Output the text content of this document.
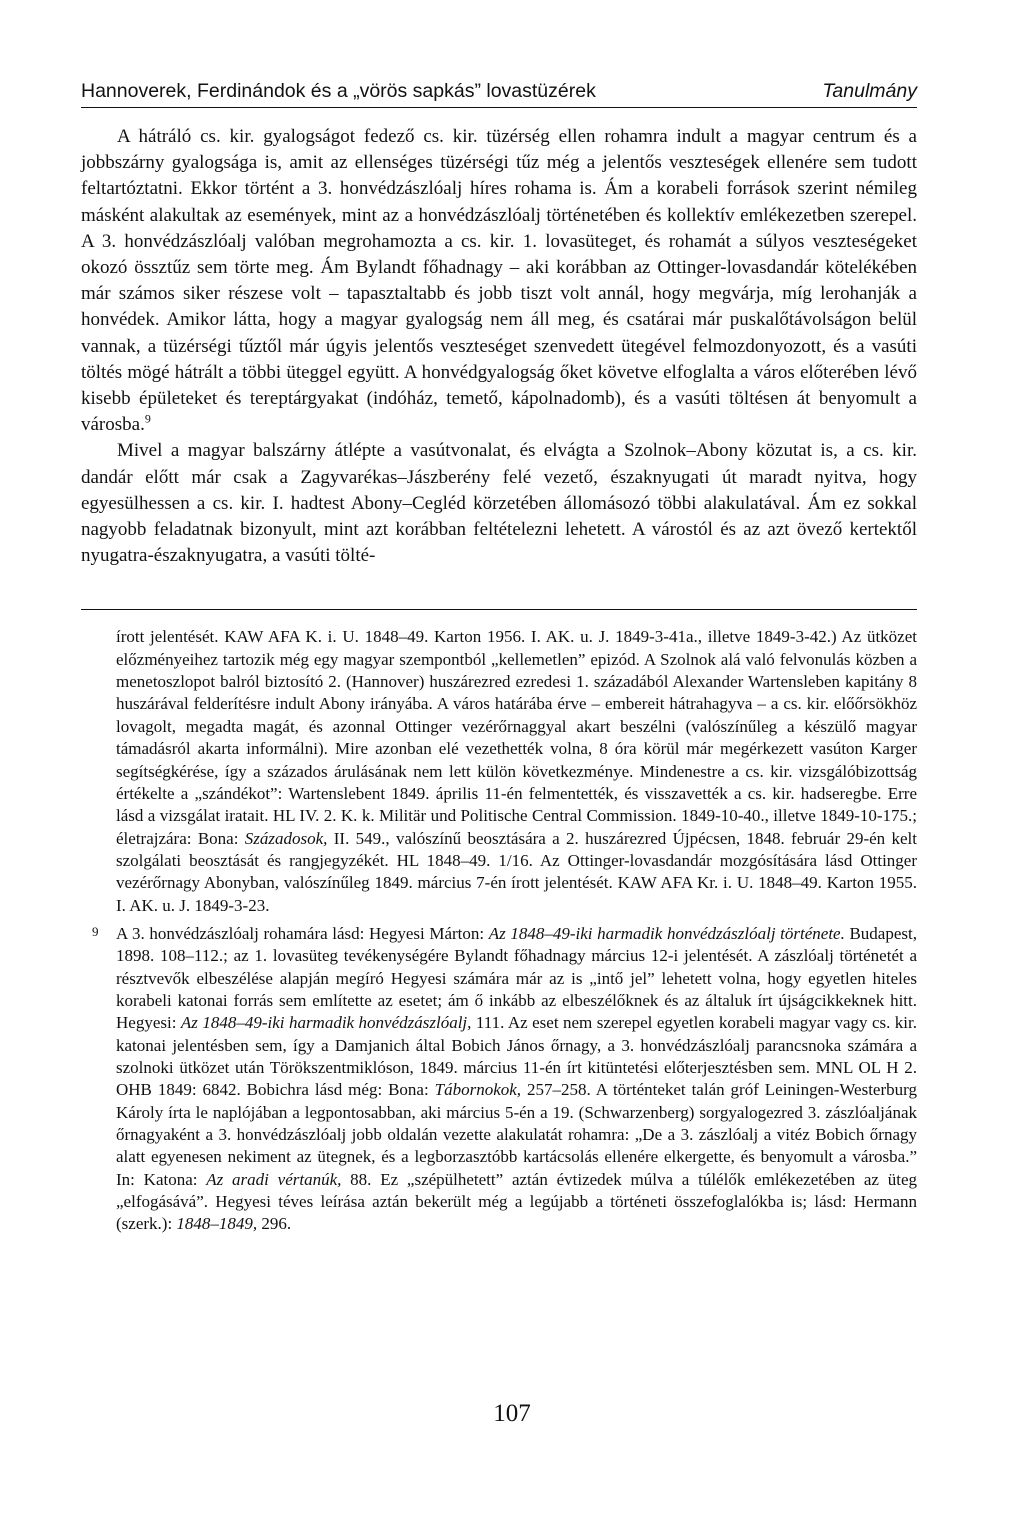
Hannoverek, Ferdinándok és a „vörös sapkás” lovastüzérek	Tanulmány

A hátráló cs. kir. gyalogságot fedező cs. kir. tüzérség ellen rohamra indult a magyar centrum és a jobbszárny gyalogsága is, amit az ellenséges tüzérségi tűz még a jelentős veszteségek ellenére sem tudott feltartóztatni. Ekkor történt a 3. honvédzászlóalj híres rohama is. Ám a korabeli források szerint némileg másként alakultak az események, mint az a honvédzászlóalj történetében és kollektív emlékezetben szerepel. A 3. honvédzászlóalj valóban megrohamozta a cs. kir. 1. lovasüteget, és rohamát a súlyos veszteségeket okozó össztűz sem törte meg. Ám Bylandt főhadnagy – aki korábban az Ottinger-lovasdandár kötelékében már számos siker részese volt – tapasztaltabb és jobb tiszt volt annál, hogy megvárja, míg lerohanják a honvédek. Amikor látta, hogy a magyar gyalogság nem áll meg, és csatárai már puskalőtávolságon belül vannak, a tüzérségi tűztől már úgyis jelentős veszteséget szenvedett ütegével felmozdonyozott, és a vasúti töltés mögé hátrált a többi üteggel együtt. A honvédgyalogság őket követve elfoglalta a város előterében lévő kisebb épületeket és tereptárgyakat (indóház, temető, kápolnadomb), és a vasúti töltésen át benyomult a városba.$^9$

Mivel a magyar balszárny átlépte a vasútvonalat, és elvágta a Szolnok–Abony közutat is, a cs. kir. dandár előtt már csak a Zagyvarékas–Jászberény felé vezető, északnyugati út maradt nyitva, hogy egyesülhessen a cs. kir. I. hadtest Abony–Cegléd körzetében állomásozó többi alakulatával. Ám ez sokkal nagyobb feladatnak bizonyult, mint azt korábban feltételezni lehetett. A várostól és az azt övező kertektől nyugatra-északnyugatra, a vasúti tölté-

írott jelentését. KAW AFA K. i. U. 1848–49. Karton 1956. I. AK. u. J. 1849-3-41a., illetve 1849-3-42.) Az ütközet előzményeihez tartozik még egy magyar szempontból „kellemetlen” epizód. A Szolnok alá való felvonulás közben a menetoszlopot balról biztosító 2. (Hannover) huszárezred ezredesi 1. századából Alexander Wartensleben kapitány 8 huszárával felderítésre indult Abony irányába. A város határába érve – embereit hátrahagyva – a cs. kir. előőrsökhöz lovagolt, megadta magát, és azonnal Ottinger vezérőrnaggyal akart beszélni (valószínűleg a készülő magyar támadásról akarta informálni). Mire azonban elé vezethették volna, 8 óra körül már megérkezett vasúton Karger segítségkérése, így a százados árulásának nem lett külön következménye. Mindenestre a cs. kir. vizsgálóbizottság értékelte a „szándékot”: Wartenslebent 1849. április 11-én felmentették, és visszavették a cs. kir. hadseregbe. Erre lásd a vizsgálat iratait. HL IV. 2. K. k. Militär und Politische Central Commission. 1849-10-40., illetve 1849-10-175.; életrajzára: Bona: Századosok, II. 549., valószínű beosztására a 2. huszárezred Újpécsen, 1848. február 29-én kelt szolgálati beosztását és rangjegyzékét. HL 1848–49. 1/16. Az Ottinger-lovasdandár mozgósítására lásd Ottinger vezérőrnagy Abonyban, valószínűleg 1849. március 7-én írott jelentését. KAW AFA Kr. i. U. 1848–49. Karton 1955. I. AK. u. J. 1849-3-23.

9 A 3. honvédzászlóalj rohamára lásd: Hegyesi Márton: Az 1848–49-iki harmadik honvédzászlóalj története. Budapest, 1898. 108–112.; az 1. lovasüteg tevékenységére Bylandt főhadnagy március 12-i jelentését. A zászlóalj történetét a résztvevők elbeszélése alapján megíró Hegyesi számára már az is „intő jel” lehetett volna, hogy egyetlen hiteles korabeli katonai forrás sem említette az esetet; ám ő inkább az elbeszélőknek és az általuk írt újságcikkeknek hitt. Hegyesi: Az 1848–49-iki harmadik honvédzászlóalj, 111. Az eset nem szerepel egyetlen korabeli magyar vagy cs. kir. katonai jelentésben sem, így a Damjanich által Bobich János őrnagy, a 3. honvédzászlóalj parancsnoka számára a szolnoki ütközet után Törökszentmiklóson, 1849. március 11-én írt kitüntetési előterjesztésben sem. MNL OL H 2. OHB 1849: 6842. Bobichra lásd még: Bona: Tábornokok, 257–258. A történteket talán gróf Leiningen-Westerburg Károly írta le naplójában a legpontosabban, aki március 5-én a 19. (Schwarzenberg) sorgyalogezred 3. zászlóaljának őrnagyaként a 3. honvédzászlóalj jobb oldalán vezette alakulatát rohamra: „De a 3. zászlóalj a vitéz Bobich őrnagy alatt egyenesen nekiment az ütegnek, és a legborzasztóbb kartácsolás ellenére elkergette, és benyomult a városba.” In: Katona: Az aradi vértanúk, 88. Ez „szépülhetett” aztán évtizedek múlva a túlélők emlékezetében az üteg „elfogásává”. Hegyesi téves leírása aztán bekerült még a legújabb a történeti összefoglalókba is; lásd: Hermann (szerk.): 1848–1849, 296.

107
